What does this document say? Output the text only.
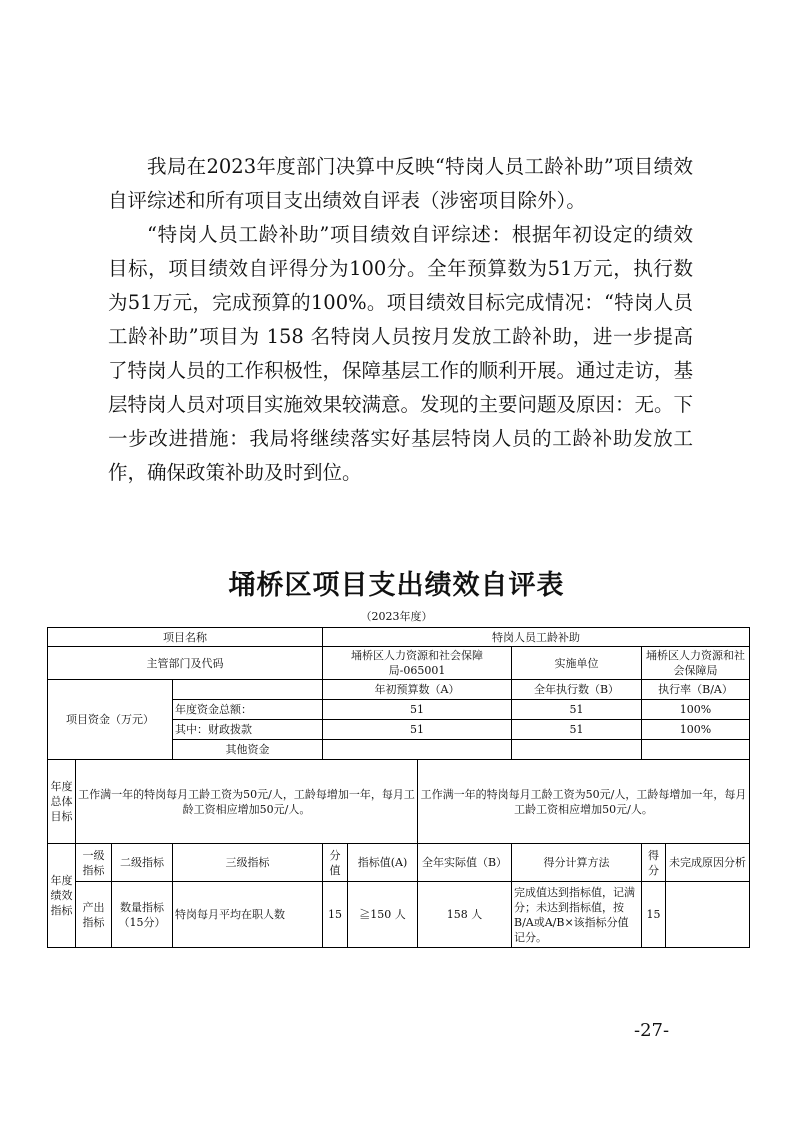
我局在2023年度部门决算中反映“特岗人员工龄补助”项目绩效自评综述和所有项目支出绩效自评表（涉密项目除外）。

“特岗人员工龄补助”项目绩效自评综述：根据年初设定的绩效目标，项目绩效自评得分为100分。全年预算数为51万元，执行数为51万元，完成预算的100%。项目绩效目标完成情况：“特岗人员工龄补助”项目为 158 名特岗人员按月发放工龄补助，进一步提高了特岗人员的工作积极性，保障基层工作的顺利开展。通过走访，基层特岗人员对项目实施效果较满意。发现的主要问题及原因：无。下一步改进措施：我局将继续落实好基层特岗人员的工龄补助发放工作，确保政策补助及时到位。

埇桥区项目支出绩效自评表
（2023年度）
项目名称				特岗人员工龄补助					
主管部门及代码				埇桥区人力资源和社会保障局-065001			实施单位	埇桥区人力资源和社会保障局	
项目资金（万元）				年初预算数（A）			全年执行数（B）	执行率（B/A）	
			年度资金总额：	51			51	100%	
			其中：财政拨款	51			51	100%	
			其他资金						
年度总体目标	工作满一年的特岗每月工龄工资为50元/人，工龄每增加一年，每月工龄工资相应增加50元/人。					工作满一年的特岗每月工龄工资为50元/人，工龄每增加一年，每月工龄工资相应增加50元/人。			
年度绩效指标	一级指标	二级指标	三级指标	分值	指标值(A)	全年实际值（B）	得分计算方法	得分	未完成原因分析
	产出指标	数量指标（15分）	特岗每月平均在职人数	15	≧150 人	158 人	完成值达到指标值，记满分；未达到指标值，按B/A或A/B×该指标分值记分。	15	
-27-
